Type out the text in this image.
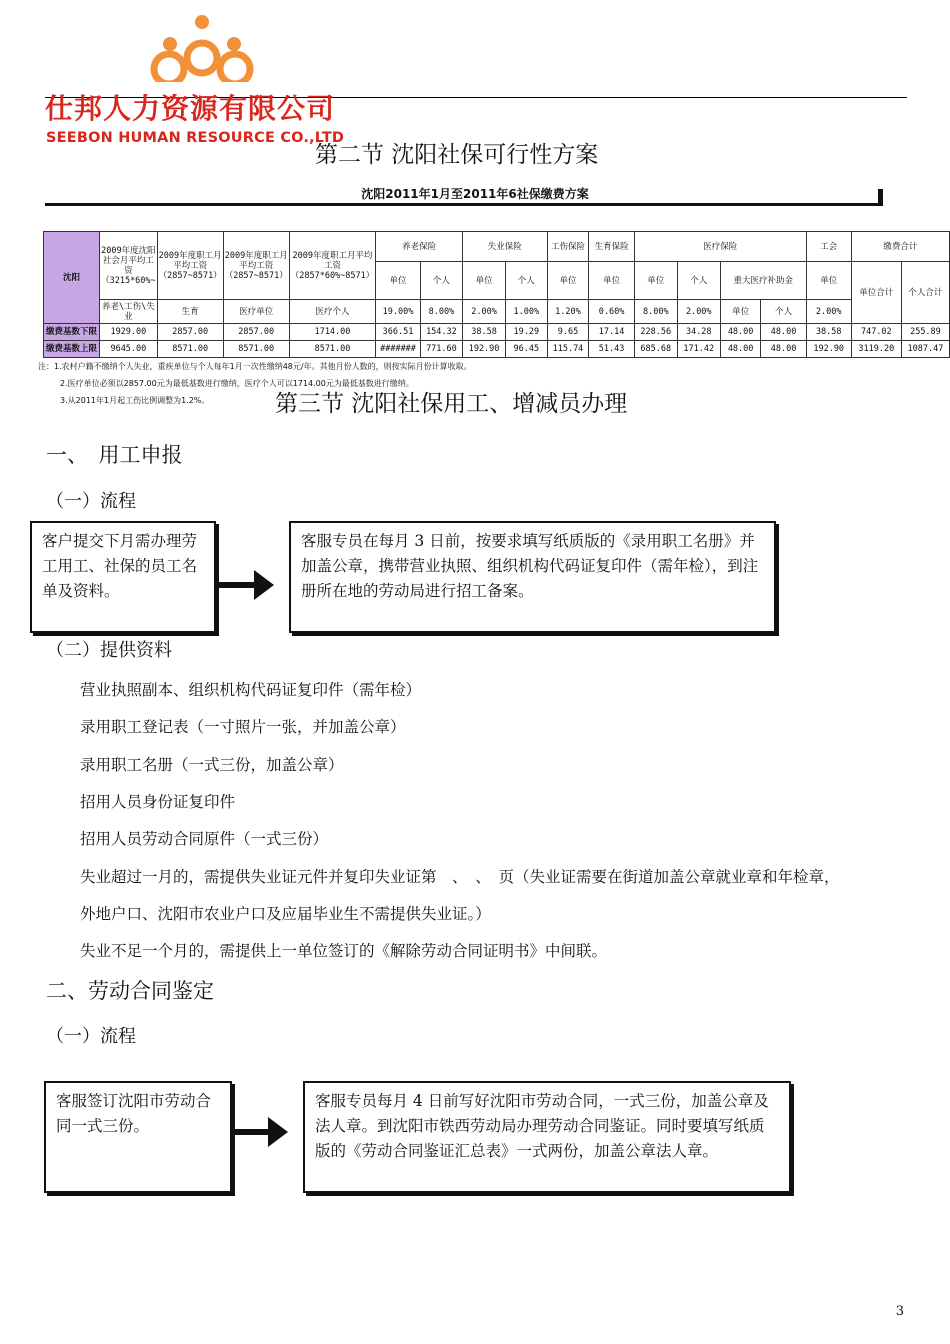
仕邦人力资源有限公司
SEEBON HUMAN RESOURCE CO.,LTD
第二节 沈阳社保可行性方案
沈阳2011年1月至2011年6社保缴费方案
沈阳	2009年度沈阳社会月平均工资（3215*60%~	2009年度职工月平均工资（2857~8571）	2009年度职工月平均工资（2857~8571）	2009年度职工月平均工资（2857*60%~8571）	养老保险		失业保险		工伤保险	生育保险	医疗保险				工会	缴费合计	
					单位	个人	单位	个人	单位	单位	单位	个人	重大医疗补助金		单位	单位合计	个人合计
	养老\工伤\失业	生育	医疗单位	医疗个人	19.00%	8.00%	2.00%	1.00%	1.20%	0.60%	8.00%	2.00%	单位	个人	2.00%		
缴费基数下限	1929.00	2857.00	2857.00	1714.00	366.51	154.32	38.58	19.29	9.65	17.14	228.56	34.28	48.00	48.00	38.58	747.02	255.89
缴费基数上限	9645.00	8571.00	8571.00	8571.00	#######	771.60	192.90	96.45	115.74	51.43	685.68	171.42	48.00	48.00	192.90	3119.20	1087.47
注：1.农村户籍不缴纳个人失业，重疾单位与个人每年1月一次性缴纳48元/年。其他月份人数的，则按实际月份计算收取。
2.医疗单位必须以2857.00元为最低基数进行缴纳，医疗个人可以1714.00元为最低基数进行缴纳。
3.从2011年1月起工伤比例调整为1.2%。	第三节 沈阳社保用工、增减员办理
一、　用工申报
（一）流程
客户提交下月需办理劳工用工、社保的员工名单及资料。
客服专员在每月 3 日前，按要求填写纸质版的《录用职工名册》并加盖公章，携带营业执照、组织机构代码证复印件（需年检），到注册所在地的劳动局进行招工备案。
（二）提供资料
营业执照副本、组织机构代码证复印件（需年检）
录用职工登记表（一寸照片一张，并加盖公章）
录用职工名册（一式三份，加盖公章）
招用人员身份证复印件
招用人员劳动合同原件（一式三份）
失业超过一月的，需提供失业证元件并复印失业证第　、　、　页（失业证需要在街道加盖公章就业章和年检章，
外地户口、沈阳市农业户口及应届毕业生不需提供失业证。）
失业不足一个月的，需提供上一单位签订的《解除劳动合同证明书》中间联。
二、劳动合同鉴定
（一）流程
客服签订沈阳市劳动合同一式三份。
客服专员每月 4 日前写好沈阳市劳动合同，一式三份，加盖公章及法人章。到沈阳市铁西劳动局办理劳动合同鉴证。同时要填写纸质版的《劳动合同鉴证汇总表》一式两份，加盖公章法人章。
3
